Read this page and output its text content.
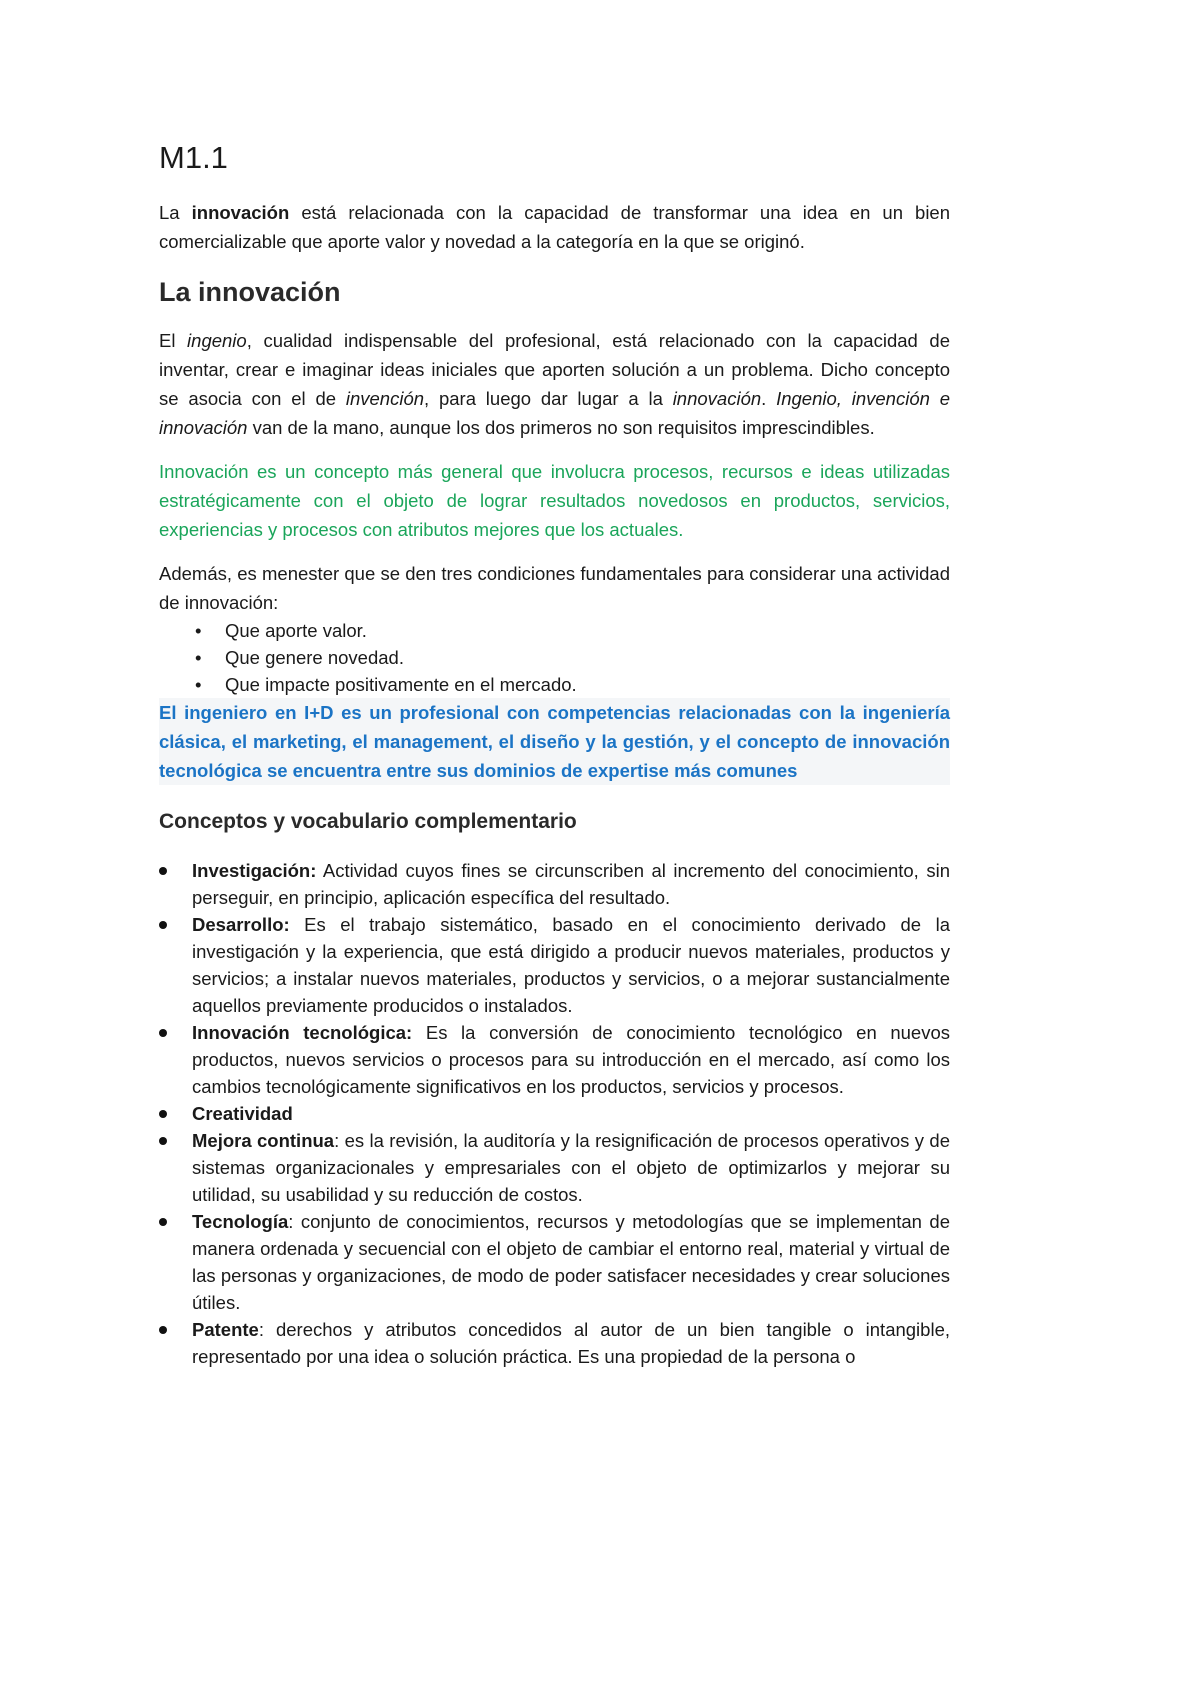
M1.1

La innovación está relacionada con la capacidad de transformar una idea en un bien comercializable que aporte valor y novedad a la categoría en la que se originó.

La innovación

El ingenio, cualidad indispensable del profesional, está relacionado con la capacidad de inventar, crear e imaginar ideas iniciales que aporten solución a un problema. Dicho concepto se asocia con el de invención, para luego dar lugar a la innovación. Ingenio, invención e innovación van de la mano, aunque los dos primeros no son requisitos imprescindibles.

Innovación es un concepto más general que involucra procesos, recursos e ideas utilizadas estratégicamente con el objeto de lograr resultados novedosos en productos, servicios, experiencias y procesos con atributos mejores que los actuales.

Además, es menester que se den tres condiciones fundamentales para considerar una actividad de innovación:

• Que aporte valor.
• Que genere novedad.
• Que impacte positivamente en el mercado.

El ingeniero en I+D es un profesional con competencias relacionadas con la ingeniería clásica, el marketing, el management, el diseño y la gestión, y el concepto de innovación tecnológica se encuentra entre sus dominios de expertise más comunes

Conceptos y vocabulario complementario
Investigación: Actividad cuyos fines se circunscriben al incremento del conocimiento, sin perseguir, en principio, aplicación específica del resultado.
Desarrollo: Es el trabajo sistemático, basado en el conocimiento derivado de la investigación y la experiencia, que está dirigido a producir nuevos materiales, productos y servicios; a instalar nuevos materiales, productos y servicios, o a mejorar sustancialmente aquellos previamente producidos o instalados.
Innovación tecnológica: Es la conversión de conocimiento tecnológico en nuevos productos, nuevos servicios o procesos para su introducción en el mercado, así como los cambios tecnológicamente significativos en los productos, servicios y procesos.
Creatividad
Mejora continua: es la revisión, la auditoría y la resignificación de procesos operativos y de sistemas organizacionales y empresariales con el objeto de optimizarlos y mejorar su utilidad, su usabilidad y su reducción de costos.
Tecnología: conjunto de conocimientos, recursos y metodologías que se implementan de manera ordenada y secuencial con el objeto de cambiar el entorno real, material y virtual de las personas y organizaciones, de modo de poder satisfacer necesidades y crear soluciones útiles.
Patente: derechos y atributos concedidos al autor de un bien tangible o intangible, representado por una idea o solución práctica. Es una propiedad de la persona o
